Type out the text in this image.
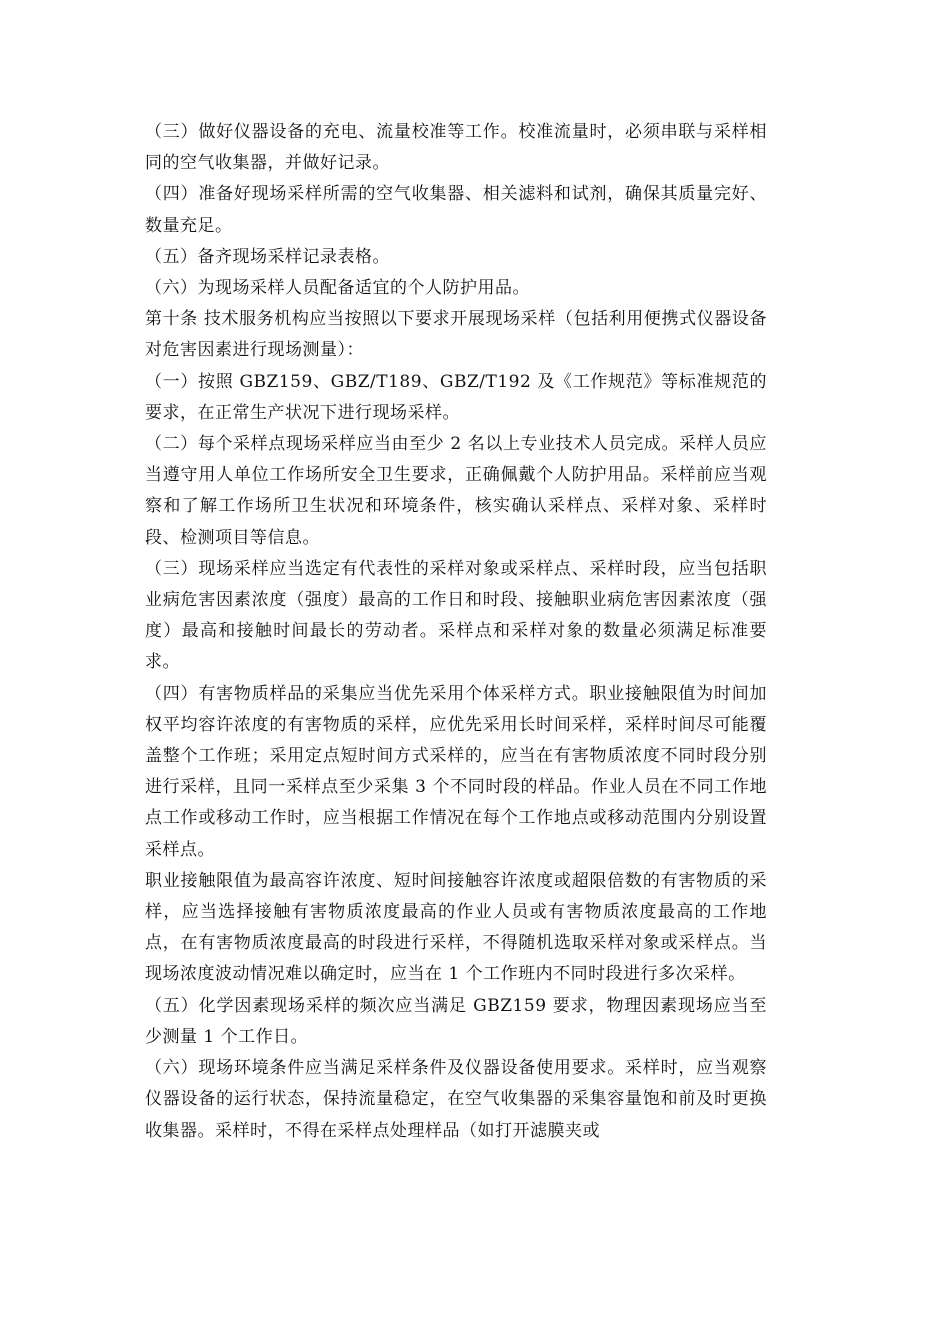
（三）做好仪器设备的充电、流量校准等工作。校准流量时，必须串联与采样相同的空气收集器，并做好记录。

（四）准备好现场采样所需的空气收集器、相关滤料和试剂，确保其质量完好、数量充足。

（五）备齐现场采样记录表格。

（六）为现场采样人员配备适宜的个人防护用品。

第十条 技术服务机构应当按照以下要求开展现场采样（包括利用便携式仪器设备对危害因素进行现场测量）：

（一）按照 GBZ159、GBZ/T189、GBZ/T192 及《工作规范》等标准规范的要求，在正常生产状况下进行现场采样。

（二）每个采样点现场采样应当由至少 2 名以上专业技术人员完成。采样人员应当遵守用人单位工作场所安全卫生要求，正确佩戴个人防护用品。采样前应当观察和了解工作场所卫生状况和环境条件，核实确认采样点、采样对象、采样时段、检测项目等信息。

（三）现场采样应当选定有代表性的采样对象或采样点、采样时段，应当包括职业病危害因素浓度（强度）最高的工作日和时段、接触职业病危害因素浓度（强度）最高和接触时间最长的劳动者。采样点和采样对象的数量必须满足标准要求。

（四）有害物质样品的采集应当优先采用个体采样方式。职业接触限值为时间加权平均容许浓度的有害物质的采样，应优先采用长时间采样，采样时间尽可能覆盖整个工作班；采用定点短时间方式采样的，应当在有害物质浓度不同时段分别进行采样，且同一采样点至少采集 3 个不同时段的样品。作业人员在不同工作地点工作或移动工作时，应当根据工作情况在每个工作地点或移动范围内分别设置采样点。

职业接触限值为最高容许浓度、短时间接触容许浓度或超限倍数的有害物质的采样，应当选择接触有害物质浓度最高的作业人员或有害物质浓度最高的工作地点，在有害物质浓度最高的时段进行采样，不得随机选取采样对象或采样点。当现场浓度波动情况难以确定时，应当在 1 个工作班内不同时段进行多次采样。

（五）化学因素现场采样的频次应当满足 GBZ159 要求，物理因素现场应当至少测量 1 个工作日。

（六）现场环境条件应当满足采样条件及仪器设备使用要求。采样时，应当观察仪器设备的运行状态，保持流量稳定，在空气收集器的采集容量饱和前及时更换收集器。采样时，不得在采样点处理样品（如打开滤膜夹或
